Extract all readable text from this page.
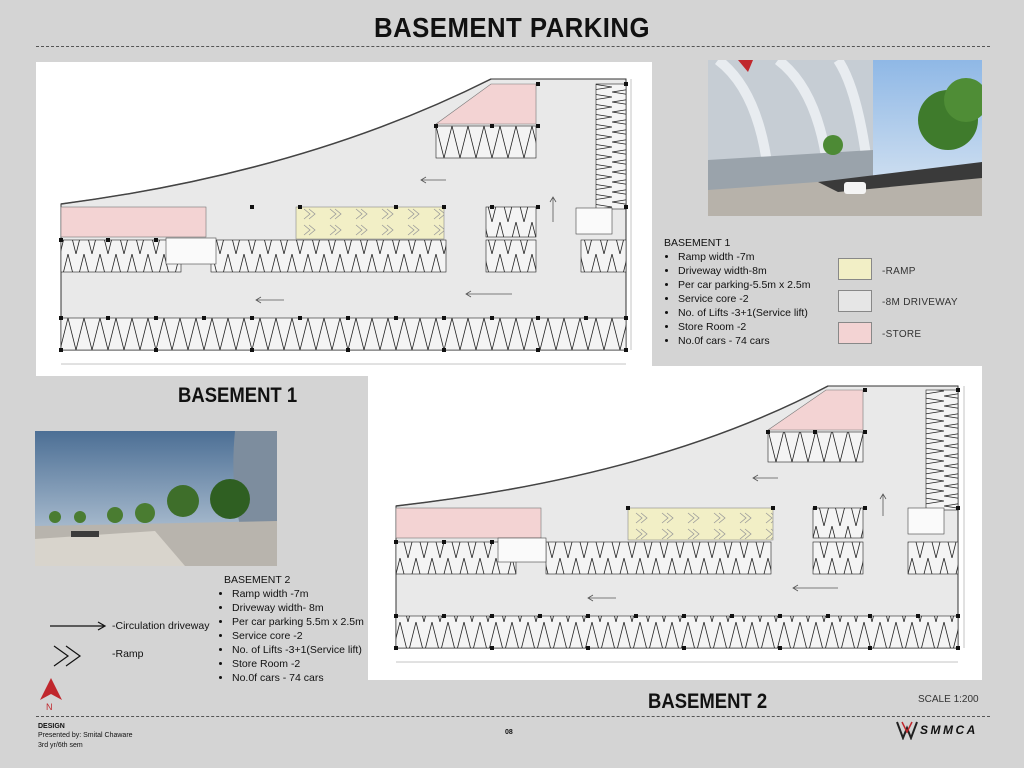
BASEMENT PARKING
BASEMENT 1
• Ramp width -7m
• Driveway width-8m
• Per car parking-5.5m x 2.5m
• Service core -2
• No. of Lifts -3+1(Service lift)
• Store Room -2
• No.0f cars - 74 cars
-RAMP
-8M DRIVEWAY
-STORE
BASEMENT 1
BASEMENT 2
• Ramp width -7m
• Driveway width- 8m
• Per car parking 5.5m x 2.5m
• Service core -2
• No. of Lifts -3+1(Service lift)
• Store Room -2
• No.0f cars - 74 cars
-Circulation driveway
-Ramp
N	BASEMENT 2	SCALE 1:200
DESIGN
Presented by: Smital Chaware
3rd yr/6th sem
08	SMMCA
